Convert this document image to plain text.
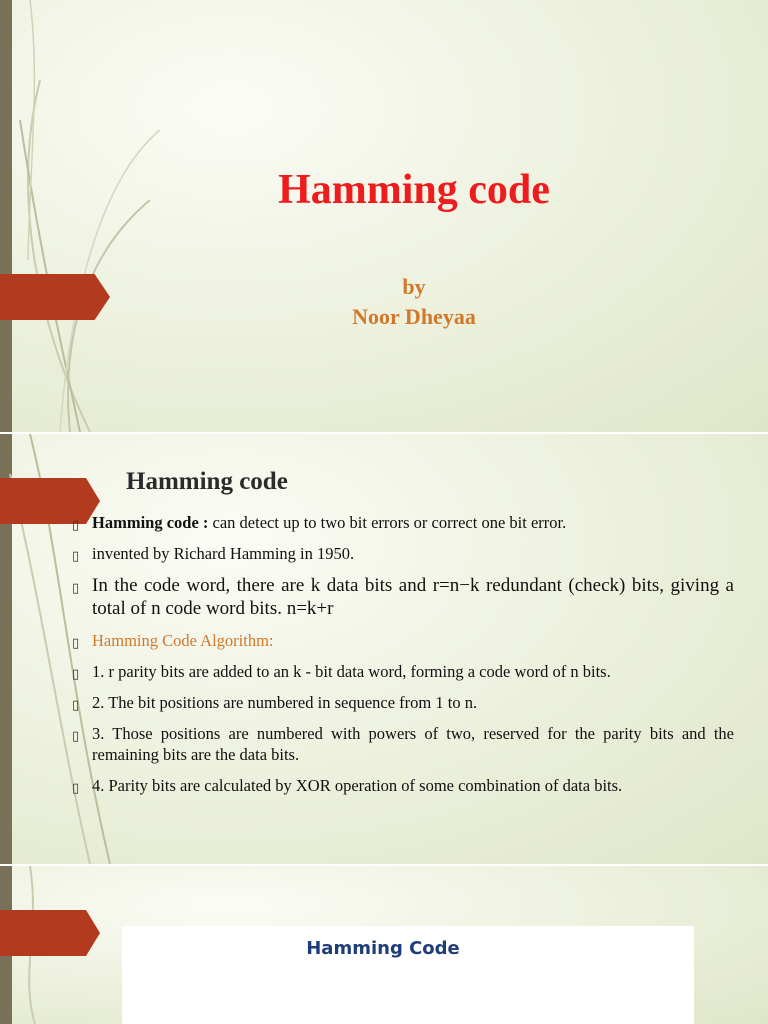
Hamming code
by
Noor Dheyaa
Hamming code
▯ Hamming code : can detect up to two bit errors or correct one bit error.
▯ invented by Richard Hamming in 1950.
▯ In the code word, there are k data bits and r=n−k redundant (check) bits, giving a total of n code word bits. n=k+r
▯ Hamming Code Algorithm:
▯ 1. r parity bits are added to an k - bit data word, forming a code word of n bits.
▯ 2. The bit positions are numbered in sequence from 1 to n.
▯ 3. Those positions are numbered with powers of two, reserved for the parity bits and the remaining bits are the data bits.
▯ 4. Parity bits are calculated by XOR operation of some combination of data bits.
Hamming Code
